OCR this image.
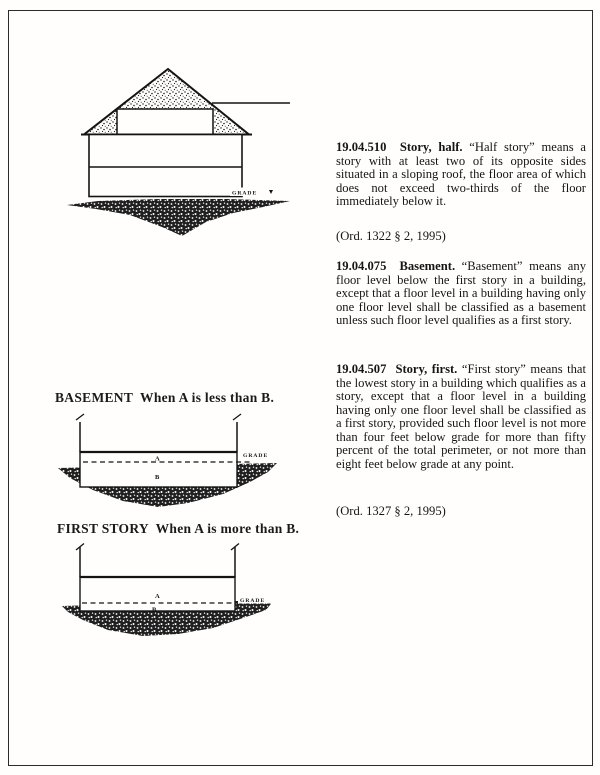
GRADE
BASEMENT  When A is less than B.
A
B
GRADE
FIRST STORY  When A is more than B.
A
B
GRADE

19.04.510  Story, half. “Half story” means a story with at least two of its opposite sides situated in a sloping roof, the floor area of which does not exceed two-thirds of the floor immediately below it.

(Ord. 1322 § 2, 1995)

19.04.075  Basement. “Basement” means any floor level below the first story in a building, except that a floor level in a building having only one floor level shall be classified as a basement unless such floor level qualifies as a first story.

19.04.507  Story, first. “First story” means that the lowest story in a building which qualifies as a story, except that a floor level in a building having only one floor level shall be classified as a first story, provided such floor level is not more than four feet below grade for more than fifty percent of the total perimeter, or not more than eight feet below grade at any point.

(Ord. 1327 § 2, 1995)
